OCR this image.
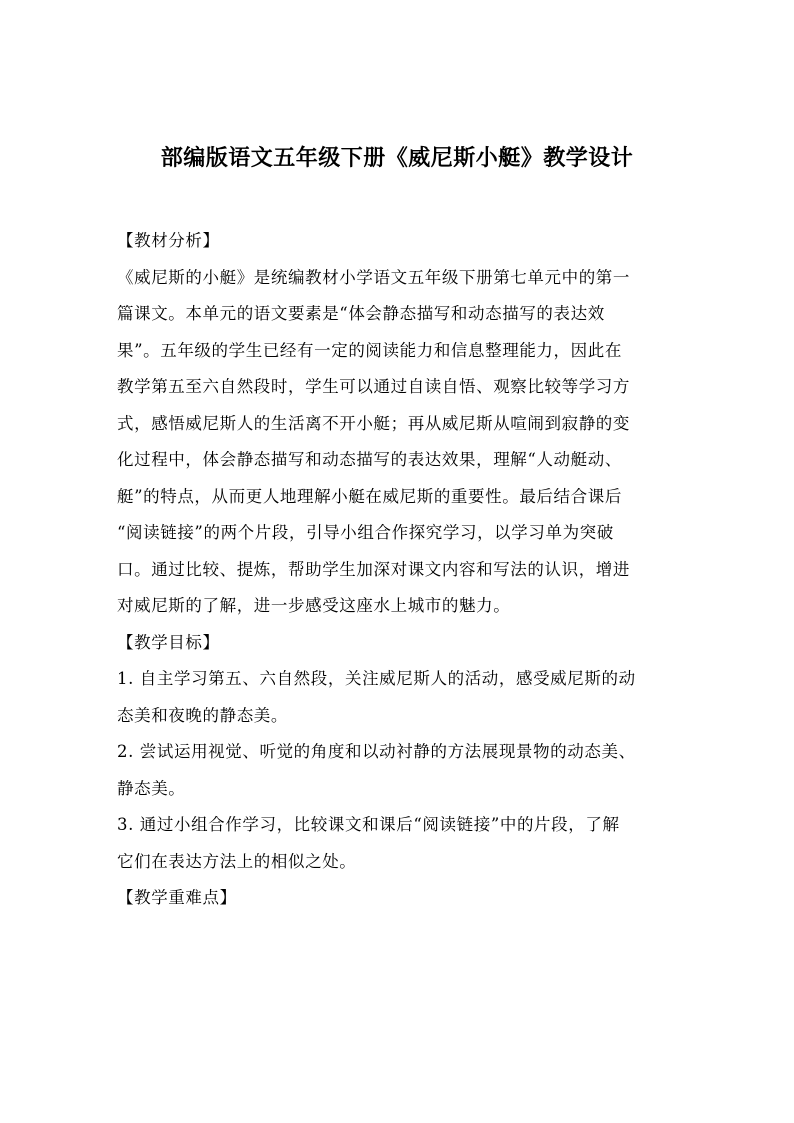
部编版语文五年级下册《威尼斯小艇》教学设计
【教材分析】
《威尼斯的小艇》是统编教材小学语文五年级下册第七单元中的第一
篇课文。本单元的语文要素是“体会静态描写和动态描写的表达效
果”。五年级的学生已经有一定的阅读能力和信息整理能力，因此在
教学第五至六自然段时，学生可以通过自读自悟、观察比较等学习方
式，感悟威尼斯人的生活离不开小艇；再从威尼斯从喧闹到寂静的变
化过程中，体会静态描写和动态描写的表达效果，理解“人动艇动、
艇”的特点，从而更人地理解小艇在威尼斯的重要性。最后结合课后
“阅读链接”的两个片段，引导小组合作探究学习，以学习单为突破
口。通过比较、提炼，帮助学生加深对课文内容和写法的认识，增进
对威尼斯的了解，进一步感受这座水上城市的魅力。
【教学目标】
1. 自主学习第五、六自然段，关注威尼斯人的活动，感受威尼斯的动
态美和夜晚的静态美。
2. 尝试运用视觉、听觉的角度和以动衬静的方法展现景物的动态美、
静态美。
3. 通过小组合作学习，比较课文和课后“阅读链接”中的片段，了解
它们在表达方法上的相似之处。
【教学重难点】
